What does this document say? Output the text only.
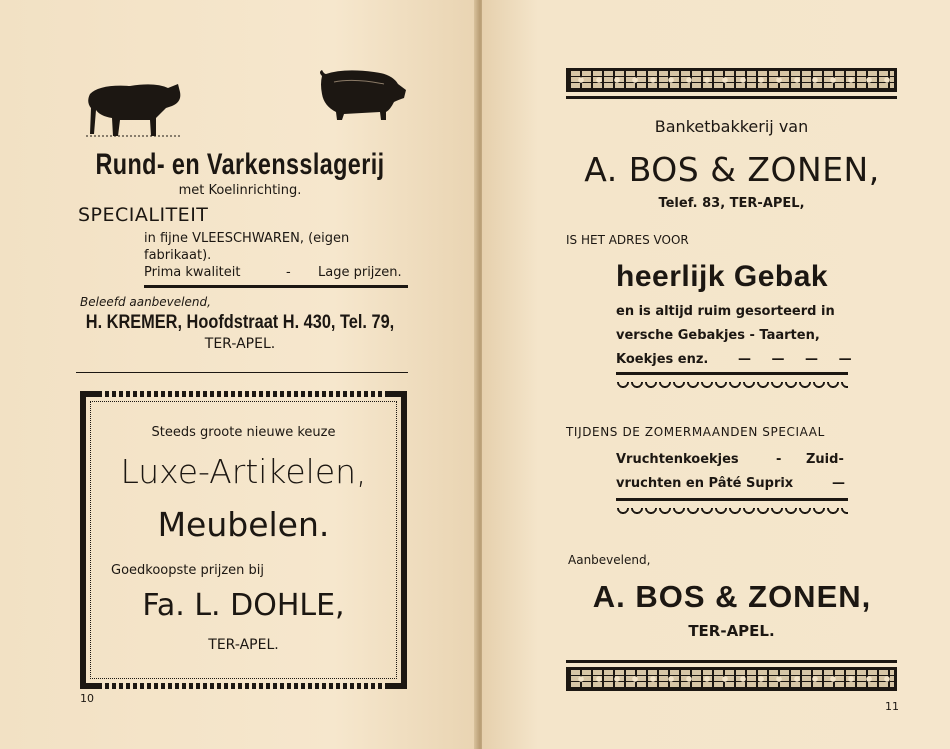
Rund- en Varkensslagerij
met Koelinrichting.
SPECIALITEIT
in fijne VLEESCHWAREN, (eigen
fabrikaat).
Prima kwaliteit	- Lage prijzen.
Beleefd aanbevelend,
H. KREMER, Hoofdstraat H. 430, Tel. 79,
TER-APEL.
Steeds groote nieuwe keuze
Luxe-Artikelen,
Meubelen.
Goedkoopste prijzen bij
Fa. L. DOHLE,
TER-APEL.
10
Banketbakkerij van
A. BOS & ZONEN,
Telef. 83, TER-APEL,
IS HET ADRES VOOR
heerlijk Gebak
en is altijd ruim gesorteerd in
versche Gebakjes - Taarten,
Koekjes enz. — — — —
TIJDENS DE ZOMERMAANDEN SPECIAAL
Vruchtenkoekjes	- Zuid-
vruchten en Pâté Suprix	—
Aanbevelend,
A. BOS & ZONEN,
TER-APEL.
11
